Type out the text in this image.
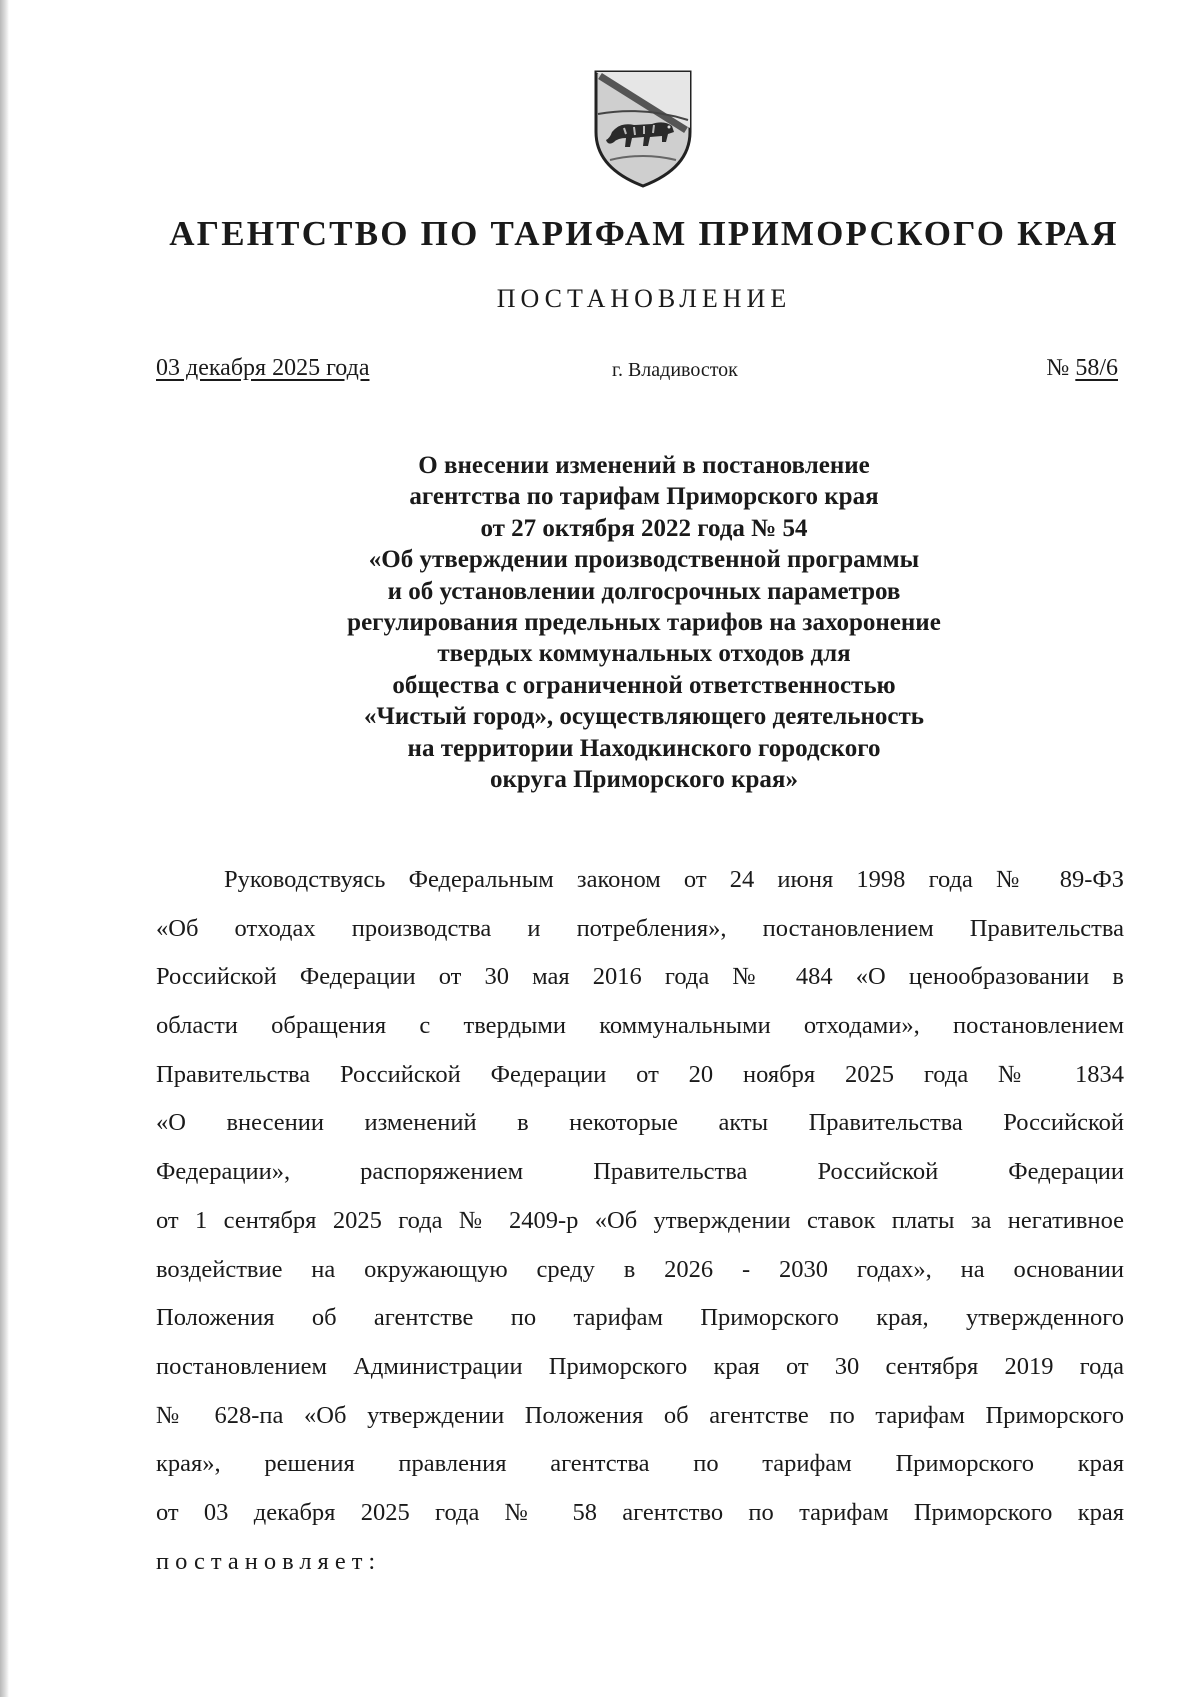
АГЕНТСТВО ПО ТАРИФАМ ПРИМОРСКОГО КРАЯ
ПОСТАНОВЛЕНИЕ
03 декабря 2025 года	г. Владивосток	№ 58/6
О внесении изменений в постановление
агентства по тарифам Приморского края
от 27 октября 2022 года № 54
«Об утверждении производственной программы
и об установлении долгосрочных параметров
регулирования предельных тарифов на захоронение
твердых коммунальных отходов для
общества с ограниченной ответственностью
«Чистый город», осуществляющего деятельность
на территории Находкинского городского
округа Приморского края»
Руководствуясь Федеральным законом от 24 июня 1998 года № 89-ФЗ
«Об отходах производства и потребления», постановлением Правительства
Российской Федерации от 30 мая 2016 года № 484 «О ценообразовании в
области обращения с твердыми коммунальными отходами», постановлением
Правительства Российской Федерации от 20 ноября 2025 года № 1834
«О внесении изменений в некоторые акты Правительства Российской
Федерации», распоряжением Правительства Российской Федерации
от 1 сентября 2025 года № 2409-р «Об утверждении ставок платы за негативное
воздействие на окружающую среду в 2026 - 2030 годах», на основании
Положения об агентстве по тарифам Приморского края, утвержденного
постановлением Администрации Приморского края от 30 сентября 2019 года
№ 628-па «Об утверждении Положения об агентстве по тарифам Приморского
края», решения правления агентства по тарифам Приморского края
от 03 декабря 2025 года № 58 агентство по тарифам Приморского края
постановляет:
